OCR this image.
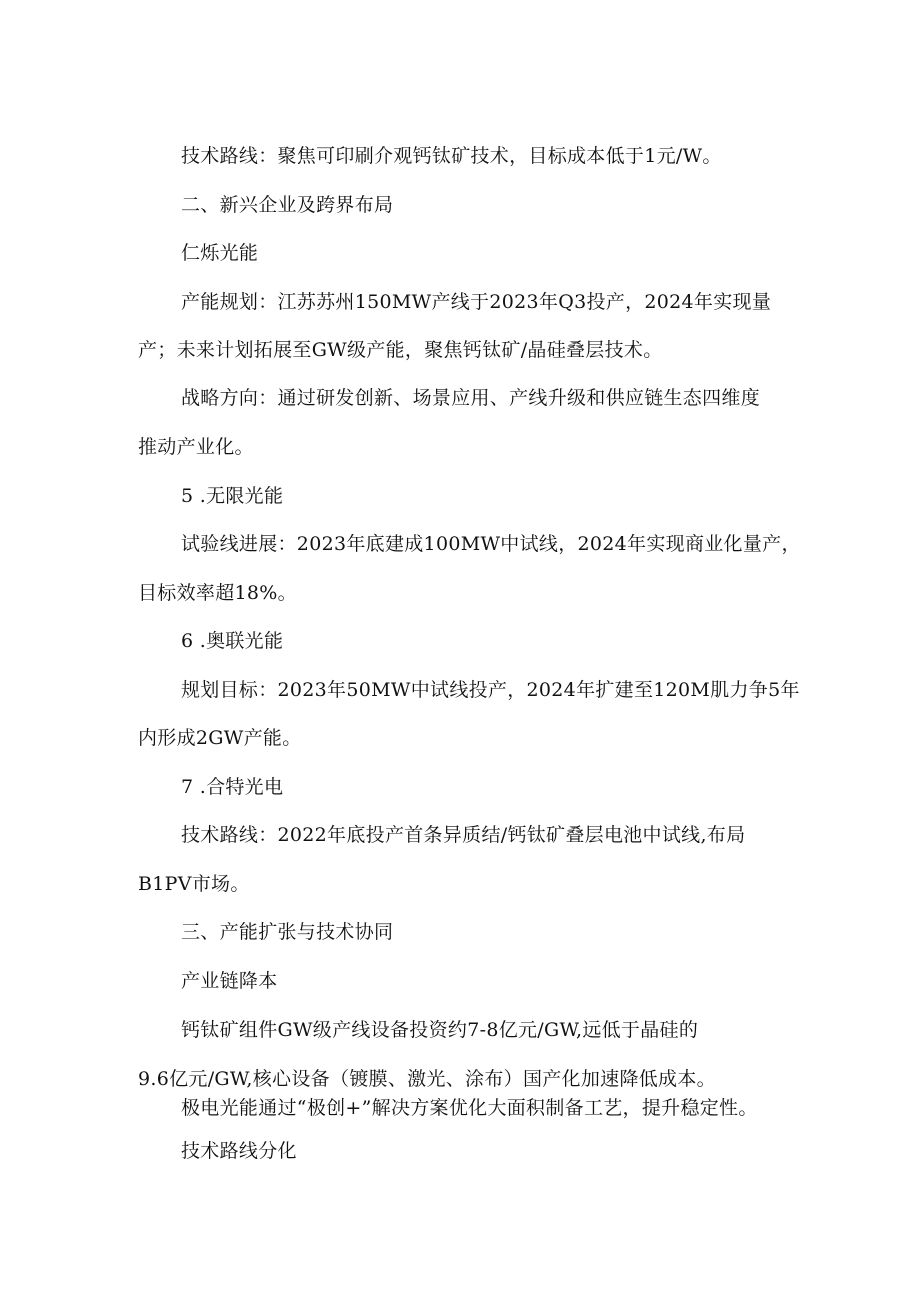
技术路线：聚焦可印刷介观钙钛矿技术，目标成本低于1元/W。
二、新兴企业及跨界布局
仁烁光能
产能规划：江苏苏州150MW产线于2023年Q3投产，2024年实现量
产；未来计划拓展至GW级产能，聚焦钙钛矿/晶硅叠层技术。
战略方向：通过研发创新、场景应用、产线升级和供应链生态四维度
推动产业化。
5 .无限光能
试验线进展：2023年底建成100MW中试线，2024年实现商业化量产，
目标效率超18%。
6 .奥联光能
规划目标：2023年50MW中试线投产，2024年扩建至120M肌力争5年
内形成2GW产能。
7 .合特光电
技术路线：2022年底投产首条异质结/钙钛矿叠层电池中试线,布局
B1PV市场。
三、产能扩张与技术协同
产业链降本
钙钛矿组件GW级产线设备投资约7-8亿元/GW,远低于晶硅的
9.6亿元/GW,核心设备（镀膜、激光、涂布）国产化加速降低成本。
极电光能通过“极创+”解决方案优化大面积制备工艺，提升稳定性。
技术路线分化
